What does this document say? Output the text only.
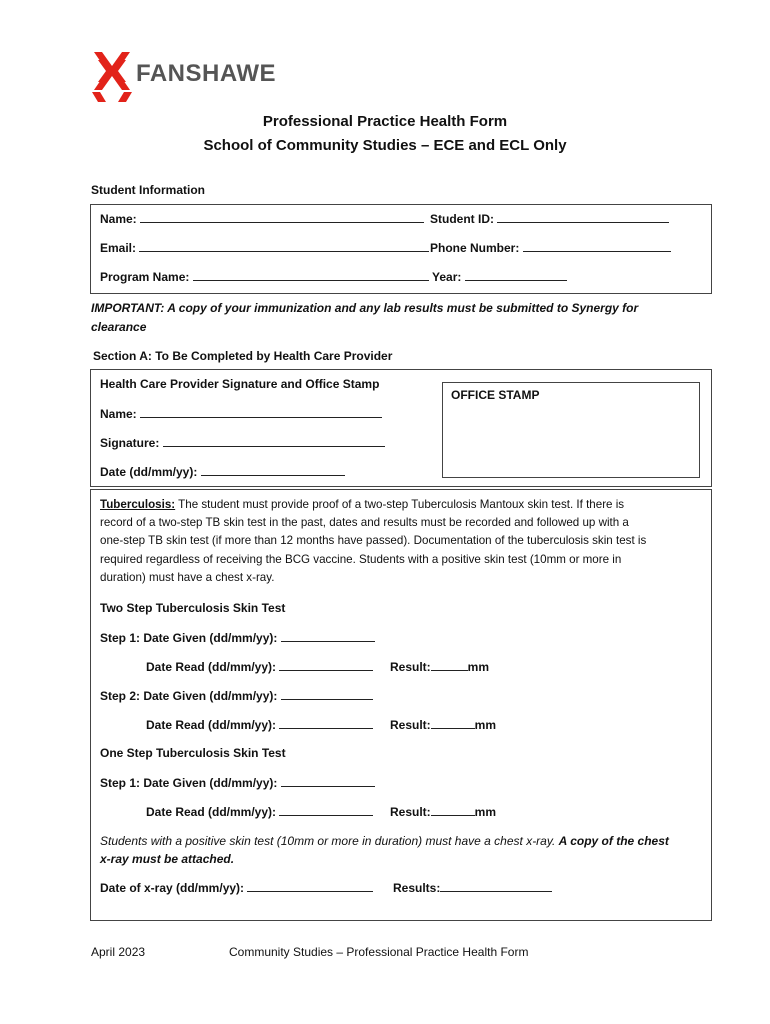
FANSHAWE
Professional Practice Health Form
School of Community Studies – ECE and ECL Only
Student Information
Name:	Student ID:
Email:	Phone Number:
Program Name:	Year:
IMPORTANT: A copy of your immunization and any lab results must be submitted to Synergy for
clearance
Section A: To Be Completed by Health Care Provider
Health Care Provider Signature and Office Stamp
OFFICE STAMP
Name:
Signature:
Date (dd/mm/yy):
Tuberculosis: The student must provide proof of a two-step Tuberculosis Mantoux skin test. If there is
record of a two-step TB skin test in the past, dates and results must be recorded and followed up with a
one-step TB skin test (if more than 12 months have passed). Documentation of the tuberculosis skin test is
required regardless of receiving the BCG vaccine. Students with a positive skin test (10mm or more in
duration) must have a chest x-ray.
Two Step Tuberculosis Skin Test
Step 1: Date Given (dd/mm/yy):
Date Read (dd/mm/yy):	Result:	mm
Step 2: Date Given (dd/mm/yy):
Date Read (dd/mm/yy):	Result:	mm
One Step Tuberculosis Skin Test
Step 1: Date Given (dd/mm/yy):
Date Read (dd/mm/yy):	Result:	mm
Students with a positive skin test (10mm or more in duration) must have a chest x-ray. A copy of the chest
x-ray must be attached.
Date of x-ray (dd/mm/yy):	Results:
April 2023	Community Studies – Professional Practice Health Form
